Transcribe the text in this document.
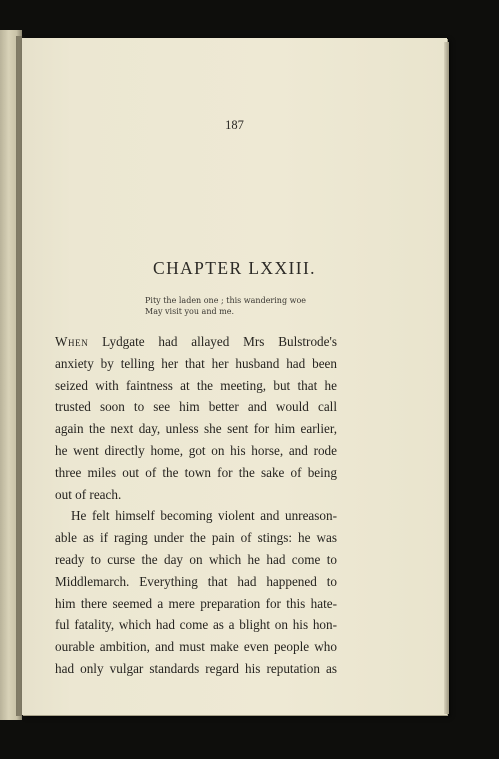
187
CHAPTER LXXIII.
Pity the laden one ; this wandering woe
May visit you and me.
When Lydgate had allayed Mrs Bulstrode's
anxiety by telling her that her husband had been
seized with faintness at the meeting, but that he
trusted soon to see him better and would call
again the next day, unless she sent for him earlier,
he went directly home, got on his horse, and rode
three miles out of the town for the sake of being
out of reach.
He felt himself becoming violent and unreason-
able as if raging under the pain of stings: he was
ready to curse the day on which he had come to
Middlemarch. Everything that had happened to
him there seemed a mere preparation for this hate-
ful fatality, which had come as a blight on his hon-
ourable ambition, and must make even people who
had only vulgar standards regard his reputation as
